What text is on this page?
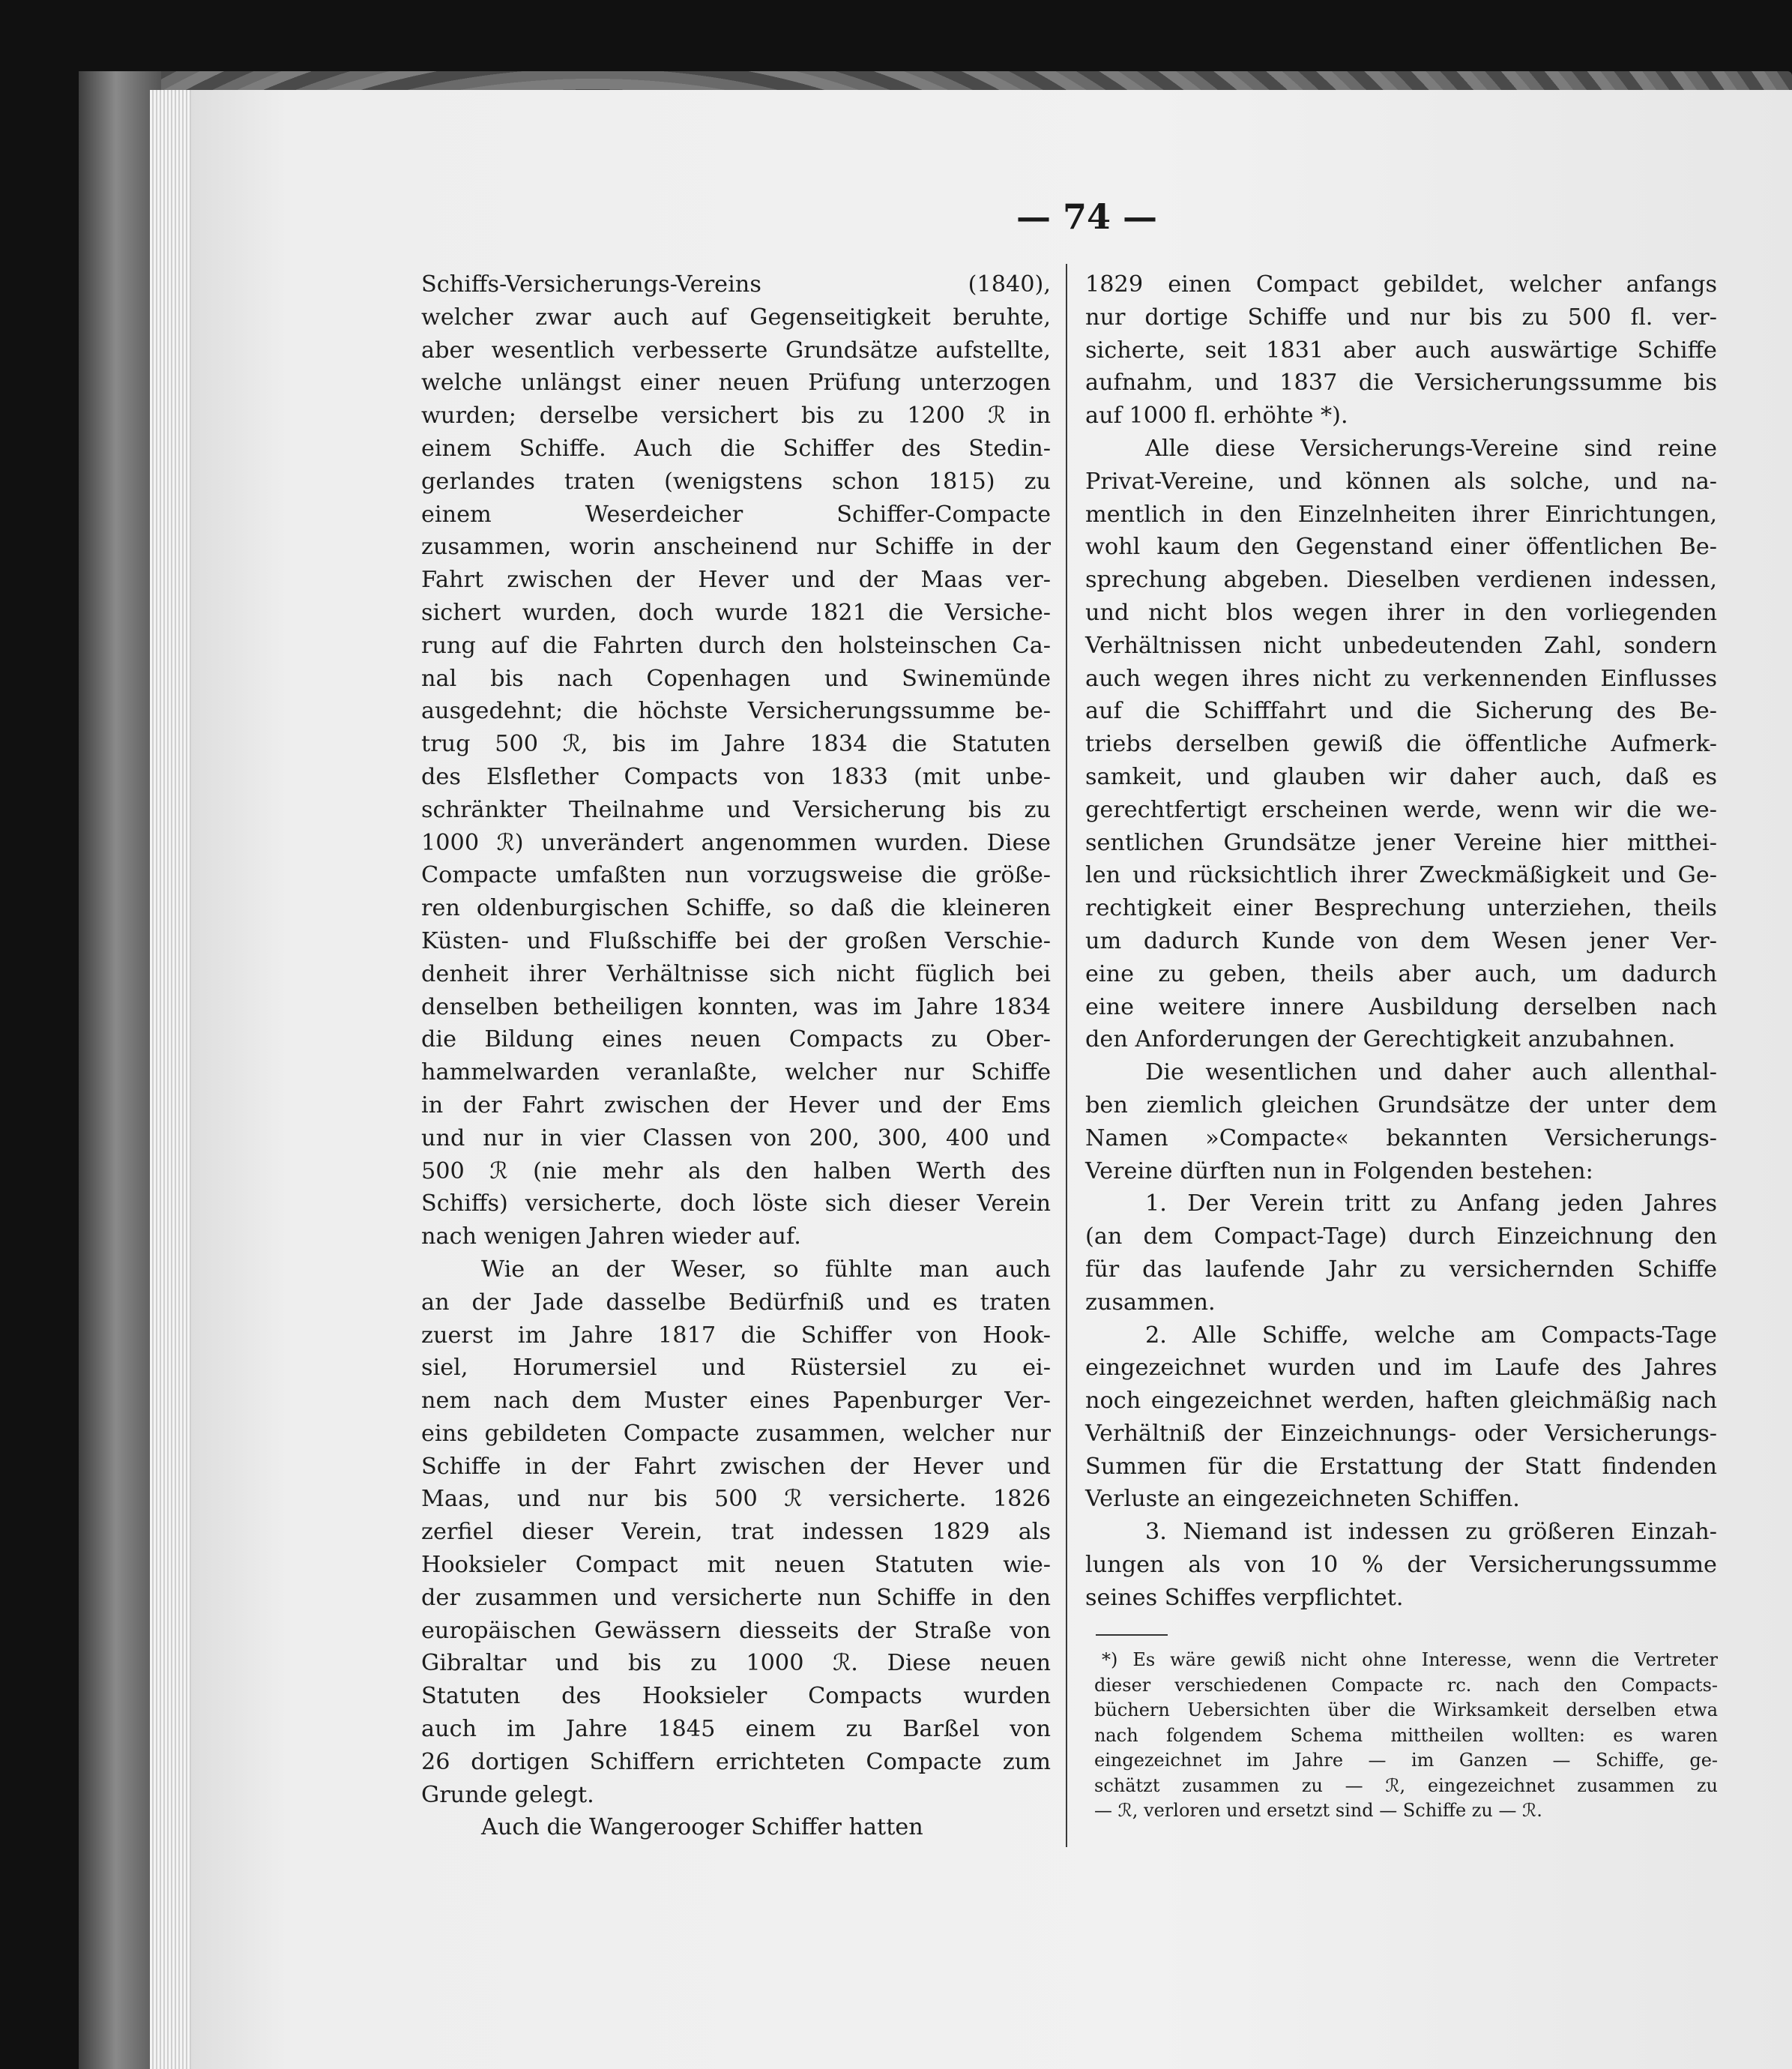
— 74 —

Schiffs-Versicherungs-Vereins (1840),

welcher zwar auch auf Gegenseitigkeit beruhte,

aber wesentlich verbesserte Grundsätze aufstellte,

welche unlängst einer neuen Prüfung unterzogen

wurden; derselbe versichert bis zu 1200 ℛ in

einem Schiffe. Auch die Schiffer des Stedin-

gerlandes traten (wenigstens schon 1815) zu

einem Weserdeicher Schiffer-Compacte

zusammen, worin anscheinend nur Schiffe in der

Fahrt zwischen der Hever und der Maas ver-

sichert wurden, doch wurde 1821 die Versiche-

rung auf die Fahrten durch den holsteinschen Ca-

nal bis nach Copenhagen und Swinemünde

ausgedehnt; die höchste Versicherungssumme be-

trug 500 ℛ, bis im Jahre 1834 die Statuten

des Elsflether Compacts von 1833 (mit unbe-

schränkter Theilnahme und Versicherung bis zu

1000 ℛ) unverändert angenommen wurden. Diese

Compacte umfaßten nun vorzugsweise die größe-

ren oldenburgischen Schiffe, so daß die kleineren

Küsten- und Flußschiffe bei der großen Verschie-

denheit ihrer Verhältnisse sich nicht füglich bei

denselben betheiligen konnten, was im Jahre 1834

die Bildung eines neuen Compacts zu Ober-

hammelwarden veranlaßte, welcher nur Schiffe

in der Fahrt zwischen der Hever und der Ems

und nur in vier Classen von 200, 300, 400 und

500 ℛ (nie mehr als den halben Werth des

Schiffs) versicherte, doch löste sich dieser Verein

nach wenigen Jahren wieder auf.

Wie an der Weser, so fühlte man auch

an der Jade dasselbe Bedürfniß und es traten

zuerst im Jahre 1817 die Schiffer von Hook-

siel, Horumersiel und Rüstersiel zu ei-

nem nach dem Muster eines Papenburger Ver-

eins gebildeten Compacte zusammen, welcher nur

Schiffe in der Fahrt zwischen der Hever und

Maas, und nur bis 500 ℛ versicherte. 1826

zerfiel dieser Verein, trat indessen 1829 als

Hooksieler Compact mit neuen Statuten wie-

der zusammen und versicherte nun Schiffe in den

europäischen Gewässern diesseits der Straße von

Gibraltar und bis zu 1000 ℛ. Diese neuen

Statuten des Hooksieler Compacts wurden

auch im Jahre 1845 einem zu Barßel von

26 dortigen Schiffern errichteten Compacte zum

Grunde gelegt.

Auch die Wangerooger Schiffer hatten

1829 einen Compact gebildet, welcher anfangs

nur dortige Schiffe und nur bis zu 500 fl. ver-

sicherte, seit 1831 aber auch auswärtige Schiffe

aufnahm, und 1837 die Versicherungssumme bis

auf 1000 fl. erhöhte *).

Alle diese Versicherungs-Vereine sind reine

Privat-Vereine, und können als solche, und na-

mentlich in den Einzelnheiten ihrer Einrichtungen,

wohl kaum den Gegenstand einer öffentlichen Be-

sprechung abgeben. Dieselben verdienen indessen,

und nicht blos wegen ihrer in den vorliegenden

Verhältnissen nicht unbedeutenden Zahl, sondern

auch wegen ihres nicht zu verkennenden Einflusses

auf die Schifffahrt und die Sicherung des Be-

triebs derselben gewiß die öffentliche Aufmerk-

samkeit, und glauben wir daher auch, daß es

gerechtfertigt erscheinen werde, wenn wir die we-

sentlichen Grundsätze jener Vereine hier mitthei-

len und rücksichtlich ihrer Zweckmäßigkeit und Ge-

rechtigkeit einer Besprechung unterziehen, theils

um dadurch Kunde von dem Wesen jener Ver-

eine zu geben, theils aber auch, um dadurch

eine weitere innere Ausbildung derselben nach

den Anforderungen der Gerechtigkeit anzubahnen.

Die wesentlichen und daher auch allenthal-

ben ziemlich gleichen Grundsätze der unter dem

Namen »Compacte« bekannten Versicherungs-

Vereine dürften nun in Folgenden bestehen:

1. Der Verein tritt zu Anfang jeden Jahres

(an dem Compact-Tage) durch Einzeichnung den

für das laufende Jahr zu versichernden Schiffe

zusammen.

2. Alle Schiffe, welche am Compacts-Tage

eingezeichnet wurden und im Laufe des Jahres

noch eingezeichnet werden, haften gleichmäßig nach

Verhältniß der Einzeichnungs- oder Versicherungs-

Summen für die Erstattung der Statt findenden

Verluste an eingezeichneten Schiffen.

3. Niemand ist indessen zu größeren Einzah-

lungen als von 10 % der Versicherungssumme

seines Schiffes verpflichtet.

*) Es wäre gewiß nicht ohne Interesse, wenn die Vertreter

dieser verschiedenen Compacte rc. nach den Compacts-

büchern Uebersichten über die Wirksamkeit derselben etwa

nach folgendem Schema mittheilen wollten: es waren

eingezeichnet im Jahre — im Ganzen — Schiffe, ge-

schätzt zusammen zu — ℛ, eingezeichnet zusammen zu

— ℛ, verloren und ersetzt sind — Schiffe zu — ℛ.
